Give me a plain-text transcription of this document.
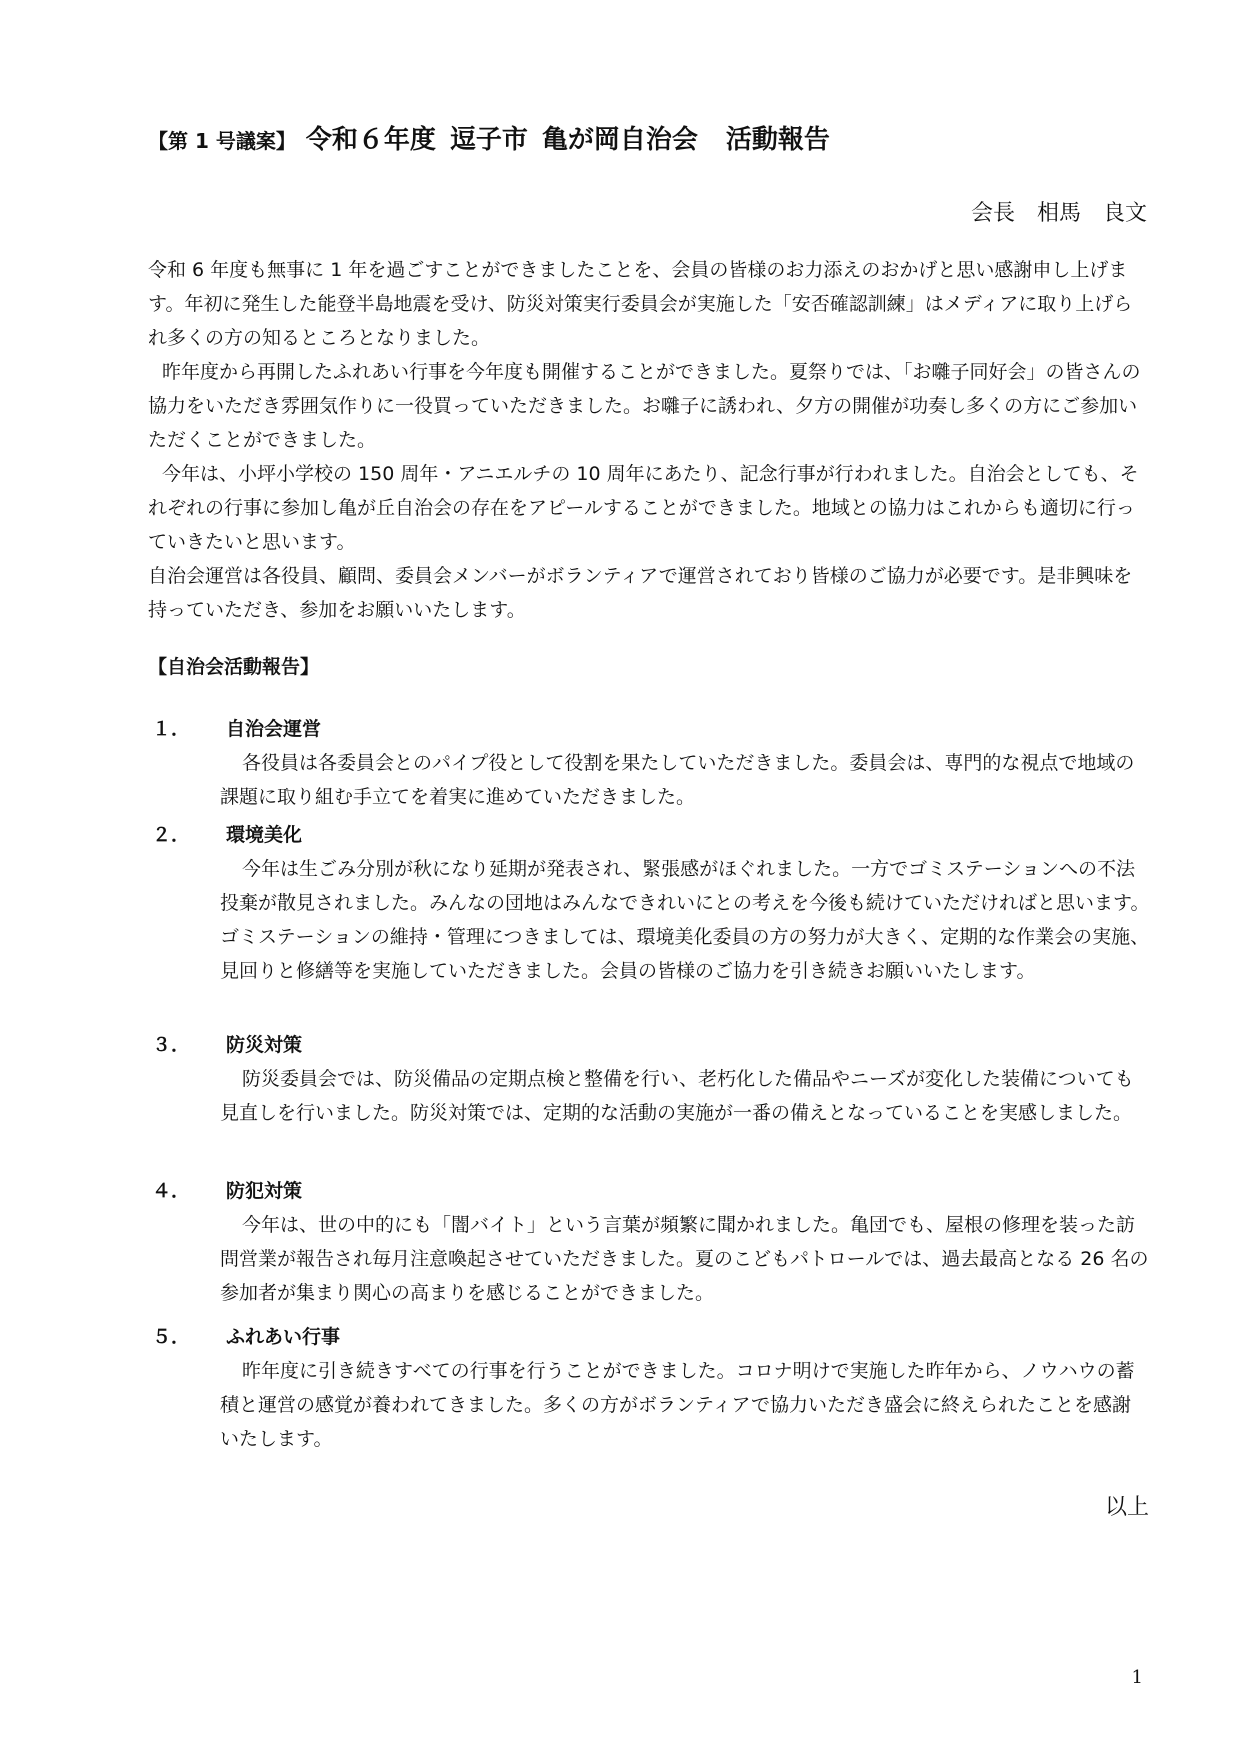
【第 1 号議案】 令和６年度 逗子市 亀が岡自治会 活動報告
会長　相馬　良文

令和 6 年度も無事に 1 年を過ごすことができましたことを、会員の皆様のお力添えのおかげと思い感謝申し上げます。年初に発生した能登半島地震を受け、防災対策実行委員会が実施した「安否確認訓練」はメディアに取り上げられ多くの方の知るところとなりました。

昨年度から再開したふれあい行事を今年度も開催することができました。夏祭りでは、「お囃子同好会」の皆さんの協力をいただき雰囲気作りに一役買っていただきました。お囃子に誘われ、夕方の開催が功奏し多くの方にご参加いただくことができました。

今年は、小坪小学校の 150 周年・アニエルチの 10 周年にあたり、記念行事が行われました。自治会としても、それぞれの行事に参加し亀が丘自治会の存在をアピールすることができました。地域との協力はこれからも適切に行っていきたいと思います。

自治会運営は各役員、顧問、委員会メンバーがボランティアで運営されており皆様のご協力が必要です。是非興味を持っていただき、参加をお願いいたします。

【自治会活動報告】
１． 自治会運営

各役員は各委員会とのパイプ役として役割を果たしていただきました。委員会は、専門的な視点で地域の課題に取り組む手立てを着実に進めていただきました。

２． 環境美化

今年は生ごみ分別が秋になり延期が発表され、緊張感がほぐれました。一方でゴミステーションへの不法投棄が散見されました。みんなの団地はみんなできれいにとの考えを今後も続けていただければと思います。

ゴミステーションの維持・管理につきましては、環境美化委員の方の努力が大きく、定期的な作業会の実施、見回りと修繕等を実施していただきました。会員の皆様のご協力を引き続きお願いいたします。

３． 防災対策

防災委員会では、防災備品の定期点検と整備を行い、老朽化した備品やニーズが変化した装備についても見直しを行いました。防災対策では、定期的な活動の実施が一番の備えとなっていることを実感しました。

４． 防犯対策

今年は、世の中的にも「闇バイト」という言葉が頻繁に聞かれました。亀団でも、屋根の修理を装った訪問営業が報告され毎月注意喚起させていただきました。夏のこどもパトロールでは、過去最高となる 26 名の参加者が集まり関心の高まりを感じることができました。

５． ふれあい行事

昨年度に引き続きすべての行事を行うことができました。コロナ明けで実施した昨年から、ノウハウの蓄積と運営の感覚が養われてきました。多くの方がボランティアで協力いただき盛会に終えられたことを感謝いたします。

以上
1
